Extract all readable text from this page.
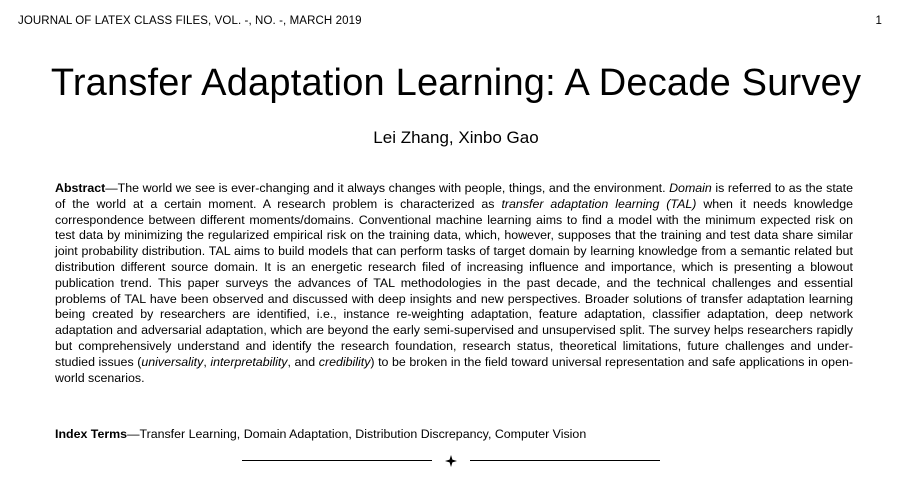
JOURNAL OF LATEX CLASS FILES, VOL. -, NO. -, MARCH 2019	1
Transfer Adaptation Learning: A Decade Survey
Lei Zhang, Xinbo Gao
Abstract—The world we see is ever-changing and it always changes with people, things, and the environment. Domain is referred to as the state of the world at a certain moment. A research problem is characterized as transfer adaptation learning (TAL) when it needs knowledge correspondence between different moments/domains. Conventional machine learning aims to find a model with the minimum expected risk on test data by minimizing the regularized empirical risk on the training data, which, however, supposes that the training and test data share similar joint probability distribution. TAL aims to build models that can perform tasks of target domain by learning knowledge from a semantic related but distribution different source domain. It is an energetic research filed of increasing influence and importance, which is presenting a blowout publication trend. This paper surveys the advances of TAL methodologies in the past decade, and the technical challenges and essential problems of TAL have been observed and discussed with deep insights and new perspectives. Broader solutions of transfer adaptation learning being created by researchers are identified, i.e., instance re-weighting adaptation, feature adaptation, classifier adaptation, deep network adaptation and adversarial adaptation, which are beyond the early semi-supervised and unsupervised split. The survey helps researchers rapidly but comprehensively understand and identify the research foundation, research status, theoretical limitations, future challenges and under-studied issues (universality, interpretability, and credibility) to be broken in the field toward universal representation and safe applications in open-world scenarios.
Index Terms—Transfer Learning, Domain Adaptation, Distribution Discrepancy, Computer Vision
